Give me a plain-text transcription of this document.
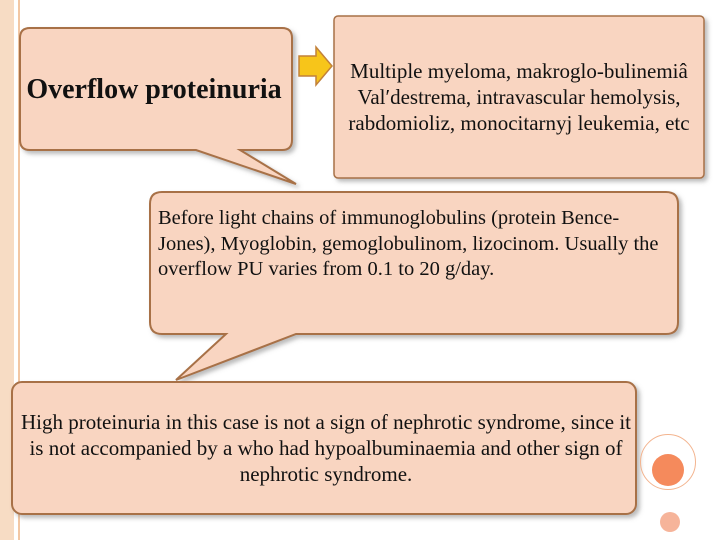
Overflow proteinuria
Multiple myeloma, makroglo-bulinemiâ Val′destrema, intravascular hemolysis, rabdomioliz, monocitarnyj leukemia, etc
Before light chains of immunoglobulins (protein Bence-Jones), Myoglobin, gemoglobulinom, lizocinom. Usually the overflow PU varies from 0.1 to 20 g/day.
High proteinuria in this case is not a sign of nephrotic syndrome, since it is not accompanied by a who had hypoalbuminaemia and other sign of nephrotic syndrome.
